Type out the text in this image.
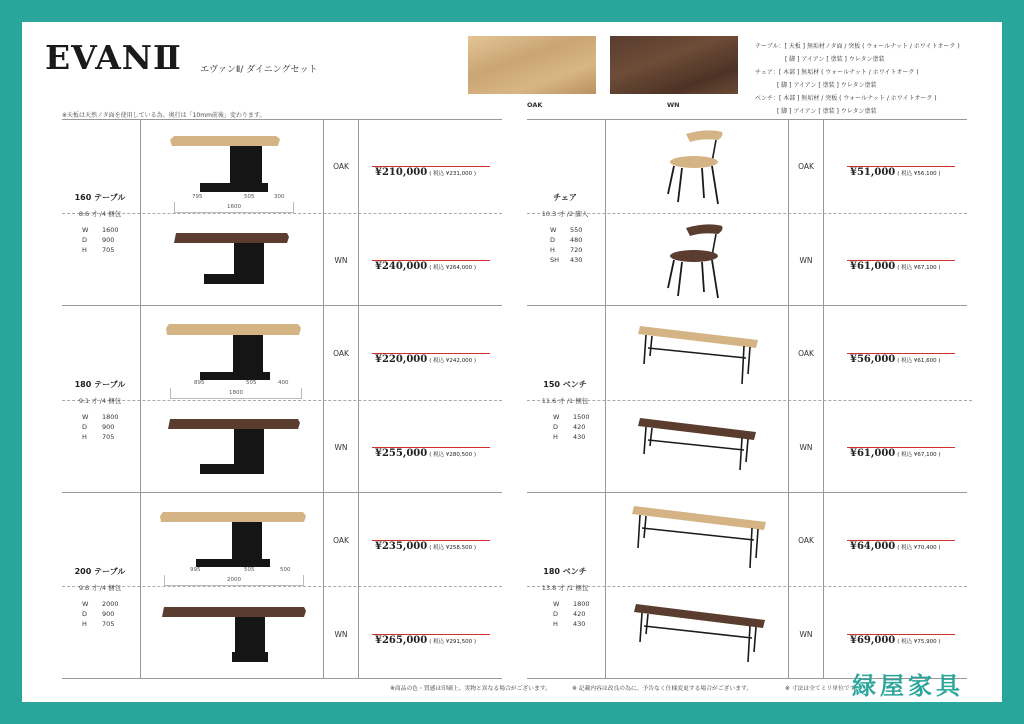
EVANⅡ エヴァンⅡ/ ダイニングセット
※天板は天然ノタ面を使用している為、奥行は「10mm前後」変わります。
OAK	WN
テーブル：[ 天板 ] 無垢材ノタ面 / 突板 ( ウォールナット / ホワイトオーク )
[ 脚 ] アイアン [ 塗装 ] ウレタン塗装
チェア：[ 木部 ] 無垢材 ( ウォールナット / ホワイトオーク )
[ 脚 ] アイアン [ 塗装 ] ウレタン塗装
ベンチ：[ 木部 ] 無垢材 / 突板 ( ウォールナット / ホワイトオーク )
[ 脚 ] アイアン [ 塗装 ] ウレタン塗装
160 テーブル
8.6 才 /4 梱包
W 1600
D 900
H 705
795	505	300
1600
OAK
¥210,000 ( 税込 ¥231,000 )
WN
¥240,000 ( 税込 ¥264,000 )
180 テーブル
9.1 才 /4 梱包
W 1800
D 900
H 705
895	505	400
1800
OAK
¥220,000 ( 税込 ¥242,000 )
WN
¥255,000 ( 税込 ¥280,500 )
200 テーブル
9.6 才 /4 梱包
W 2000
D 900
H 705
995	505	500
2000
OAK
¥235,000 ( 税込 ¥258,500 )
WN
¥265,000 ( 税込 ¥291,500 )
チェア
10.3 才 /2 脚入
W 550
D 480
H 720
SH 430
OAK
¥51,000 ( 税込 ¥56,100 )
WN
¥61,000 ( 税込 ¥67,100 )
150 ベンチ
11.6 才 /1 梱包
W 1500
D 420
H 430
OAK
¥56,000 ( 税込 ¥61,600 )
WN
¥61,000 ( 税込 ¥67,100 )
180 ベンチ
13.8 才 /1 梱包
W 1800
D 420
H 430
OAK
¥64,000 ( 税込 ¥70,400 )
WN
¥69,000 ( 税込 ¥75,900 )
※商品の色・質感は印刷上、実物と異なる場合がございます。	※ 記載内容は改良の為に、予告なく仕様変更する場合がございます。	※ 寸法は全てミリ単位です。
緑屋家具
